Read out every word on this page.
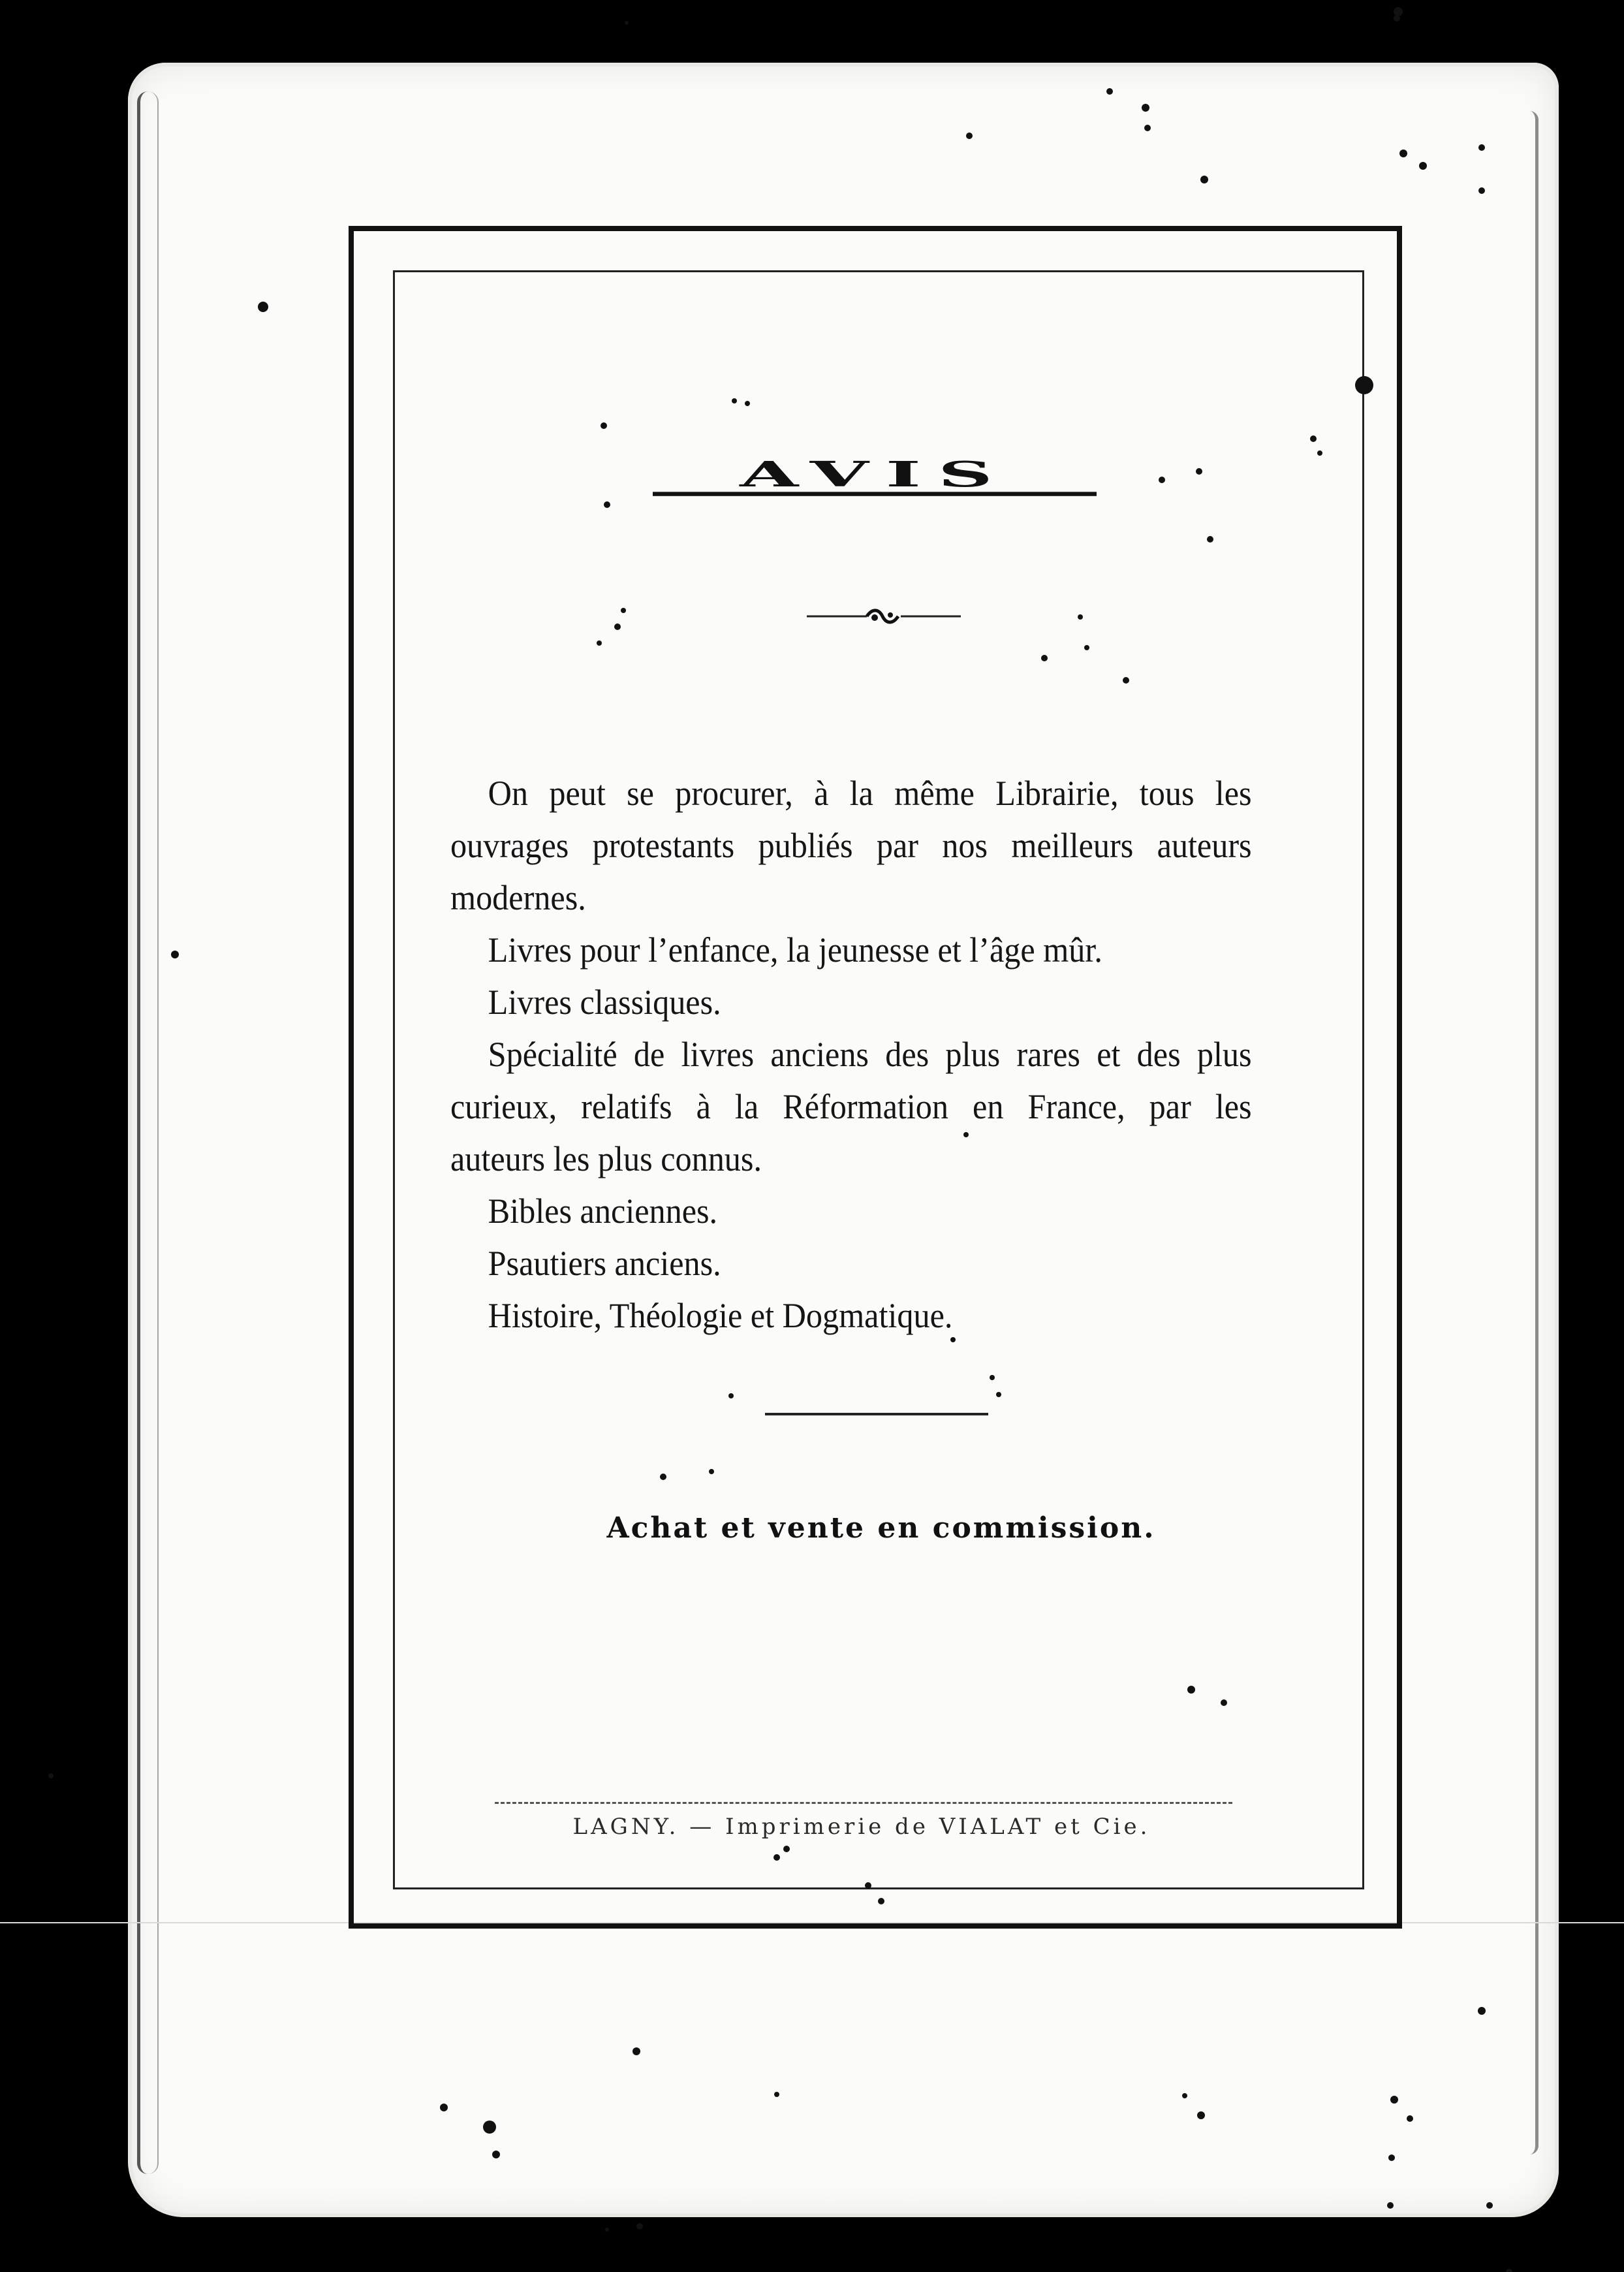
AVIS

On peut se procurer, à la même Librairie, tous les

ouvrages protestants publiés par nos meilleurs auteurs

modernes.

Livres pour l’enfance, la jeunesse et l’âge mûr.

Livres classiques.

Spécialité de livres anciens des plus rares et des plus

curieux, relatifs à la Réformation en France, par les

auteurs les plus connus.

Bibles anciennes.

Psautiers anciens.

Histoire, Théologie et Dogmatique.

Achat et vente en commission.
LAGNY. — Imprimerie de VIALAT et Cie.
